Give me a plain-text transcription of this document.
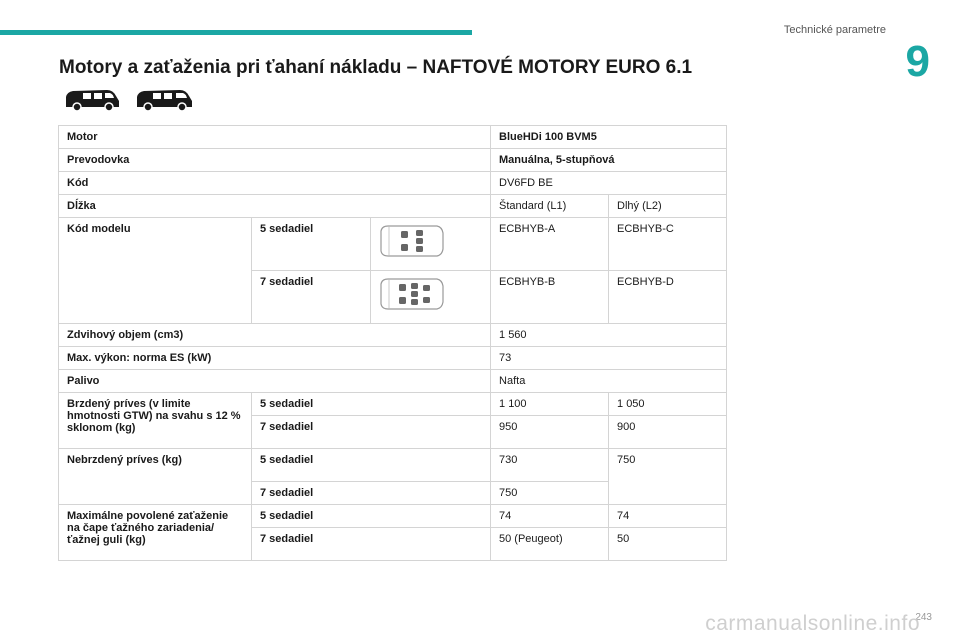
Technické parametre
9
Motory a zaťaženia pri ťahaní nákladu – NAFTOVÉ MOTORY EURO 6.1
Motor			BlueHDi 100 BVM5	
Prevodovka			Manuálna, 5-stupňová	
Kód			DV6FD BE	
Dĺžka			Štandard (L1)	Dlhý (L2)
Kód modelu	5 sedadiel		ECBHYB-A	ECBHYB-C
	7 sedadiel		ECBHYB-B	ECBHYB-D
Zdvihový objem (cm3)			1 560	
Max. výkon: norma ES (kW)			73	
Palivo			Nafta	
Brzdený príves (v limite hmotnosti GTW) na svahu s 12 % sklonom (kg)	5 sedadiel		1 100	1 050
	7 sedadiel		950	900
Nebrzdený príves (kg)	5 sedadiel		730	750
	7 sedadiel		750	
Maximálne povolené zaťaženie na čape ťažného zariadenia/ ťažnej guli (kg)	5 sedadiel		74	74
	7 sedadiel		50 (Peugeot)	50
243
carmanualsonline.info
